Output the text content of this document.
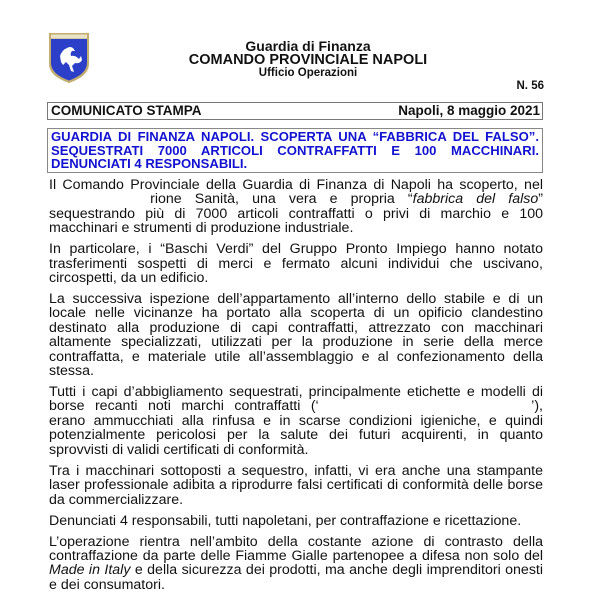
Guardia di Finanza
COMANDO PROVINCIALE NAPOLI
Ufficio Operazioni
N. 56
COMUNICATO STAMPA	Napoli, 8 maggio 2021
GUARDIA DI FINANZA NAPOLI. SCOPERTA UNA “FABBRICA DEL FALSO”. SEQUESTRATI 7000 ARTICOLI CONTRAFFATTI E 100 MACCHINARI. DENUNCIATI 4 RESPONSABILI.

Il Comando Provinciale della Guardia di Finanza di Napoli ha scoperto, nel  rione Sanità, una vera e propria “fabbrica del falso” sequestrando più di 7000 articoli contraffatti o privi di marchio e 100 macchinari e strumenti di produzione industriale.

In particolare, i “Baschi Verdi” del Gruppo Pronto Impiego hanno notato trasferimenti sospetti di merci e fermato alcuni individui che uscivano, circospetti, da un edificio.

La successiva ispezione dell’appartamento all’interno dello stabile e di un locale nelle vicinanze ha portato alla scoperta di un opificio clandestino destinato alla produzione di capi contraffatti, attrezzato con macchinari altamente specializzati, utilizzati per la produzione in serie della merce contraffatta, e materiale utile all’assemblaggio e al confezionamento della stessa.

Tutti i capi d’abbigliamento sequestrati, principalmente etichette e modelli di borse recanti noti marchi contraffatti (‘	’), erano ammucchiati alla rinfusa e in scarse condizioni igieniche, e quindi potenzialmente pericolosi per la salute dei futuri acquirenti, in quanto sprovvisti di validi certificati di conformità.

Tra i macchinari sottoposti a sequestro, infatti, vi era anche una stampante laser professionale adibita a riprodurre falsi certificati di conformità delle borse da commercializzare.

Denunciati 4 responsabili, tutti napoletani, per contraffazione e ricettazione.

L’operazione rientra nell’ambito della costante azione di contrasto della contraffazione da parte delle Fiamme Gialle partenopee a difesa non solo del Made in Italy e della sicurezza dei prodotti, ma anche degli imprenditori onesti e dei consumatori.
